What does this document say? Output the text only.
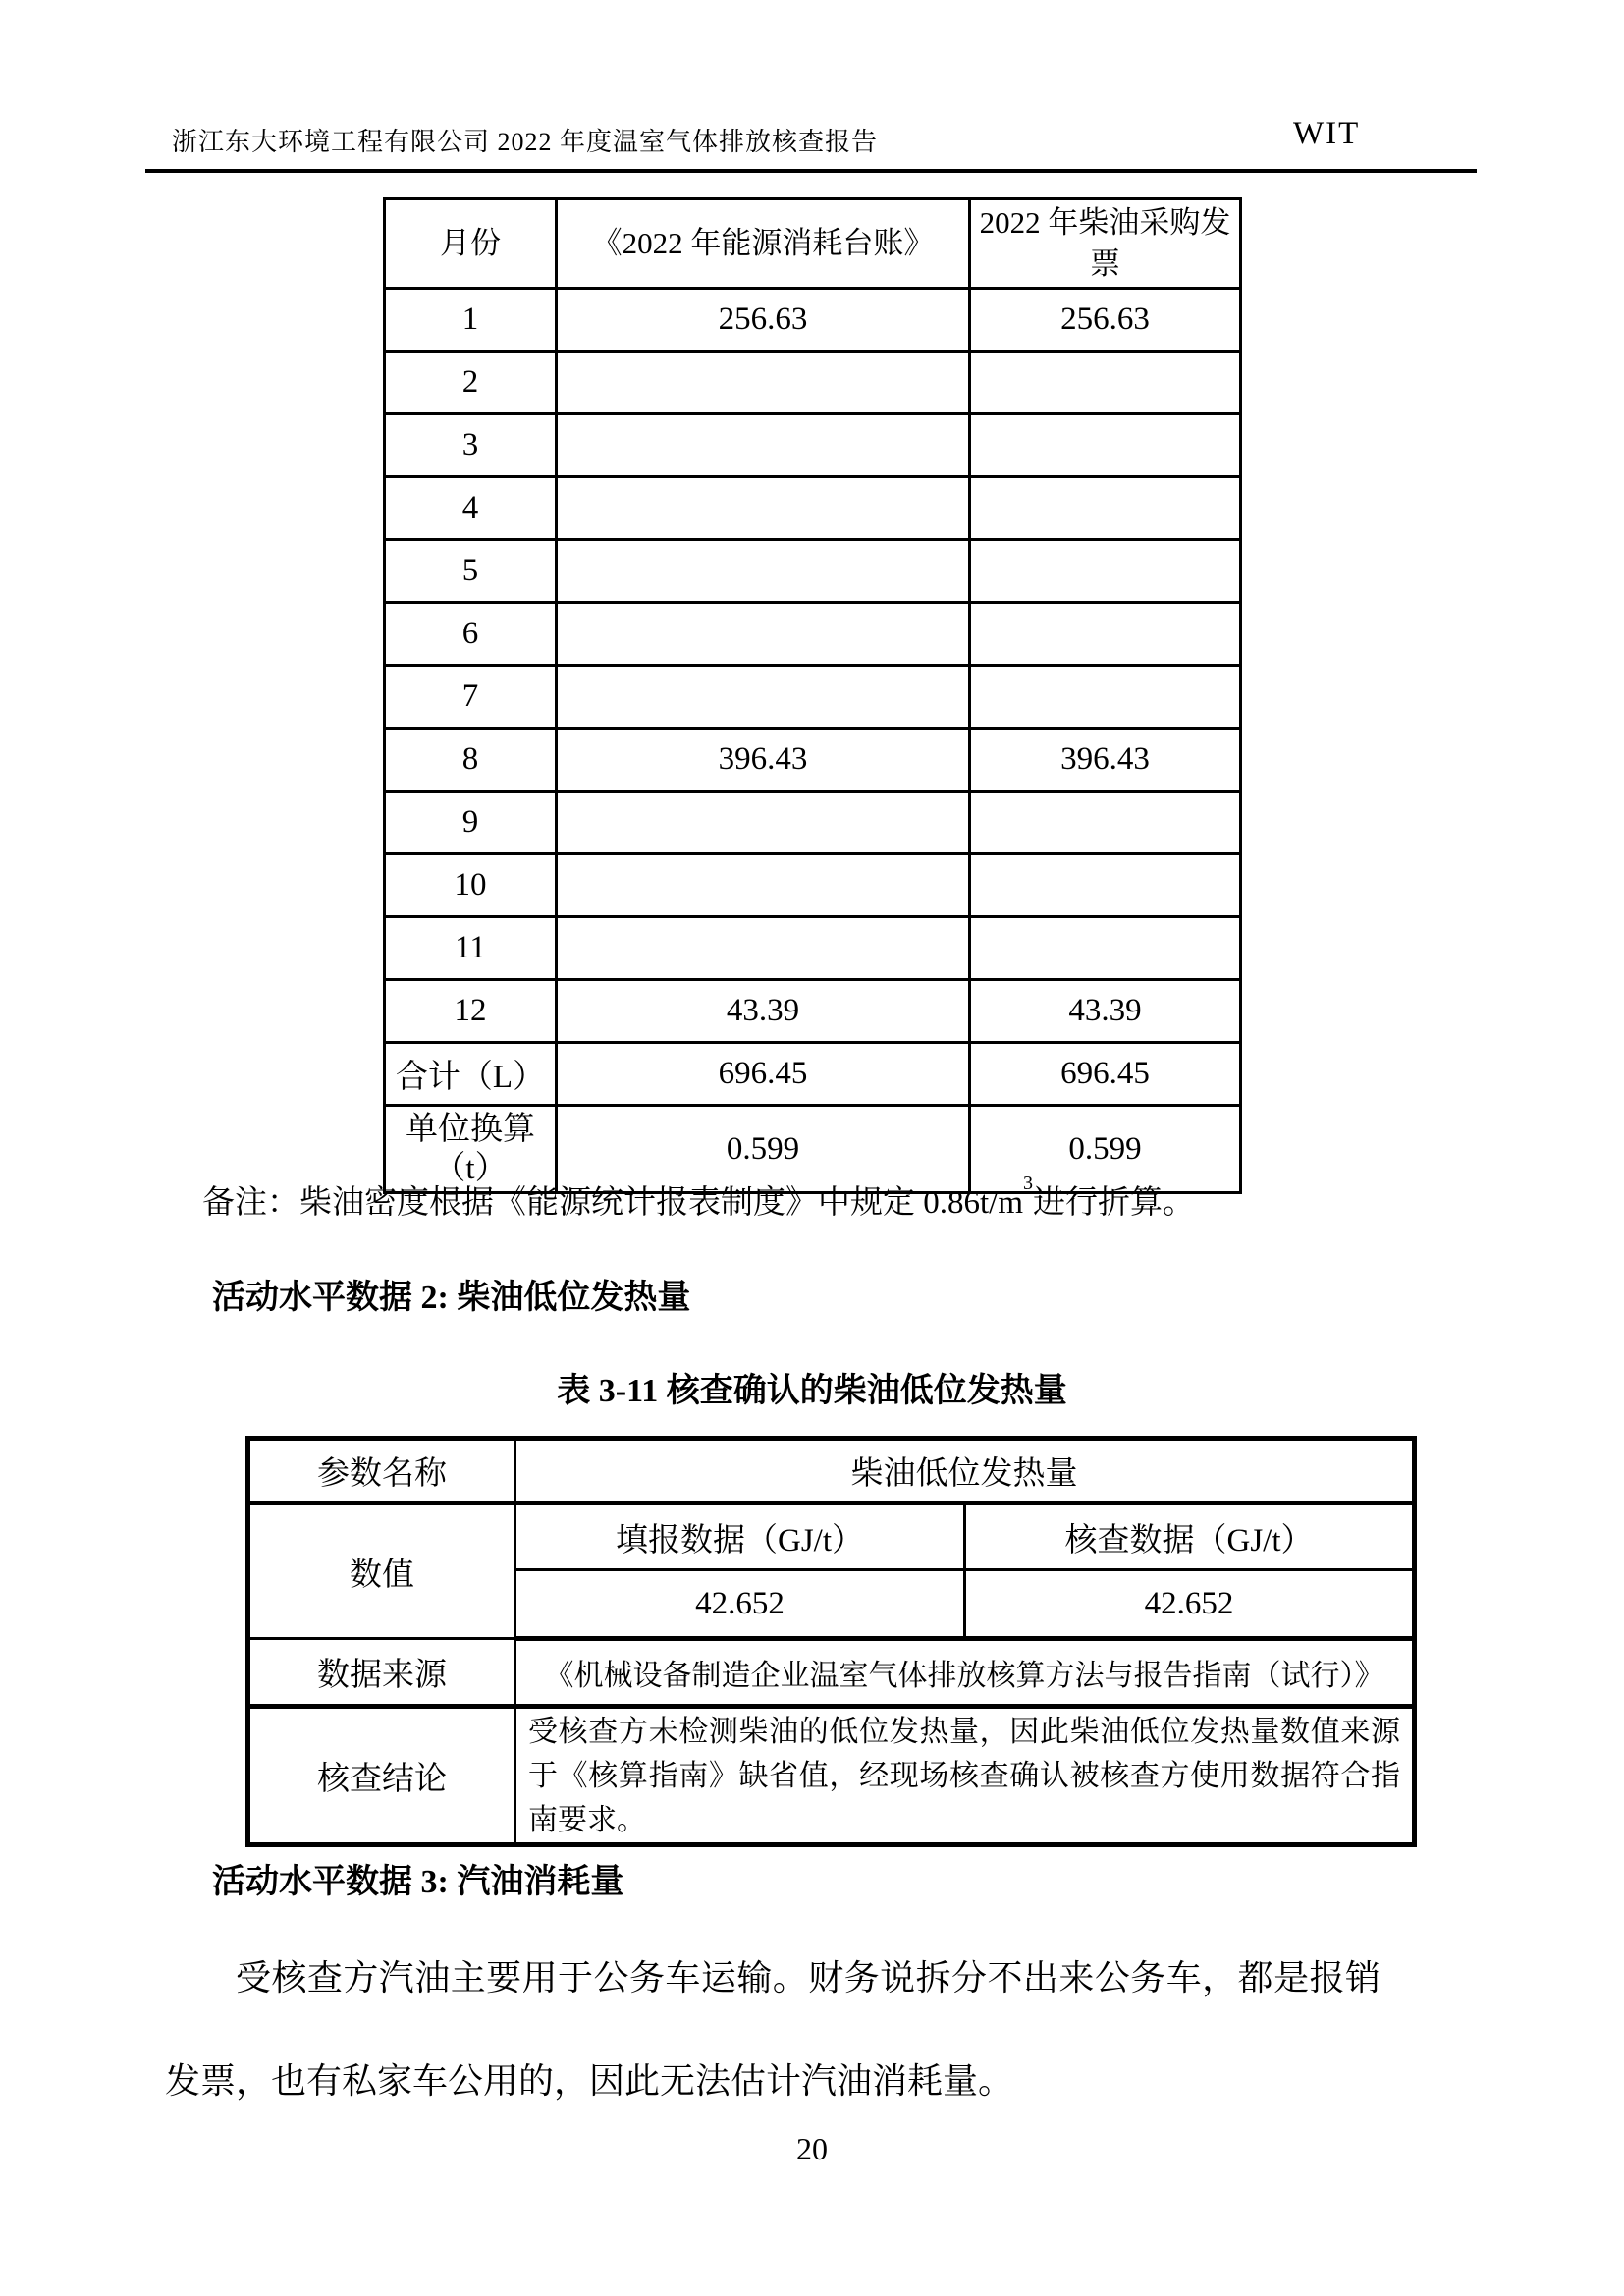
浙江东大环境工程有限公司 2022 年度温室气体排放核查报告	WIT
月份	《2022 年能源消耗台账》	2022 年柴油采购发票
1	256.63	256.63
2		
3		
4		
5		
6		
7		
8	396.43	396.43
9		
10		
11		
12	43.39	43.39
合计（L）	696.45	696.45
单位换算（t）	0.599	0.599
备注：柴油密度根据《能源统计报表制度》中规定 $0.86t/m^3$进行折算。
活动水平数据 2: 柴油低位发热量
表 3-11 核查确认的柴油低位发热量
参数名称	柴油低位发热量	
数值	填报数据（GJ/t）	核查数据（GJ/t）
	42.652	42.652
数据来源	《机械设备制造企业温室气体排放核算方法与报告指南（试行）》	
核查结论	受核查方未检测柴油的低位发热量，因此柴油低位发热量数值来源于《核算指南》缺省值，经现场核查确认被核查方使用数据符合指南要求。	
活动水平数据 3: 汽油消耗量
受核查方汽油主要用于公务车运输。财务说拆分不出来公务车，都是报销发票，也有私家车公用的，因此无法估计汽油消耗量。
20
